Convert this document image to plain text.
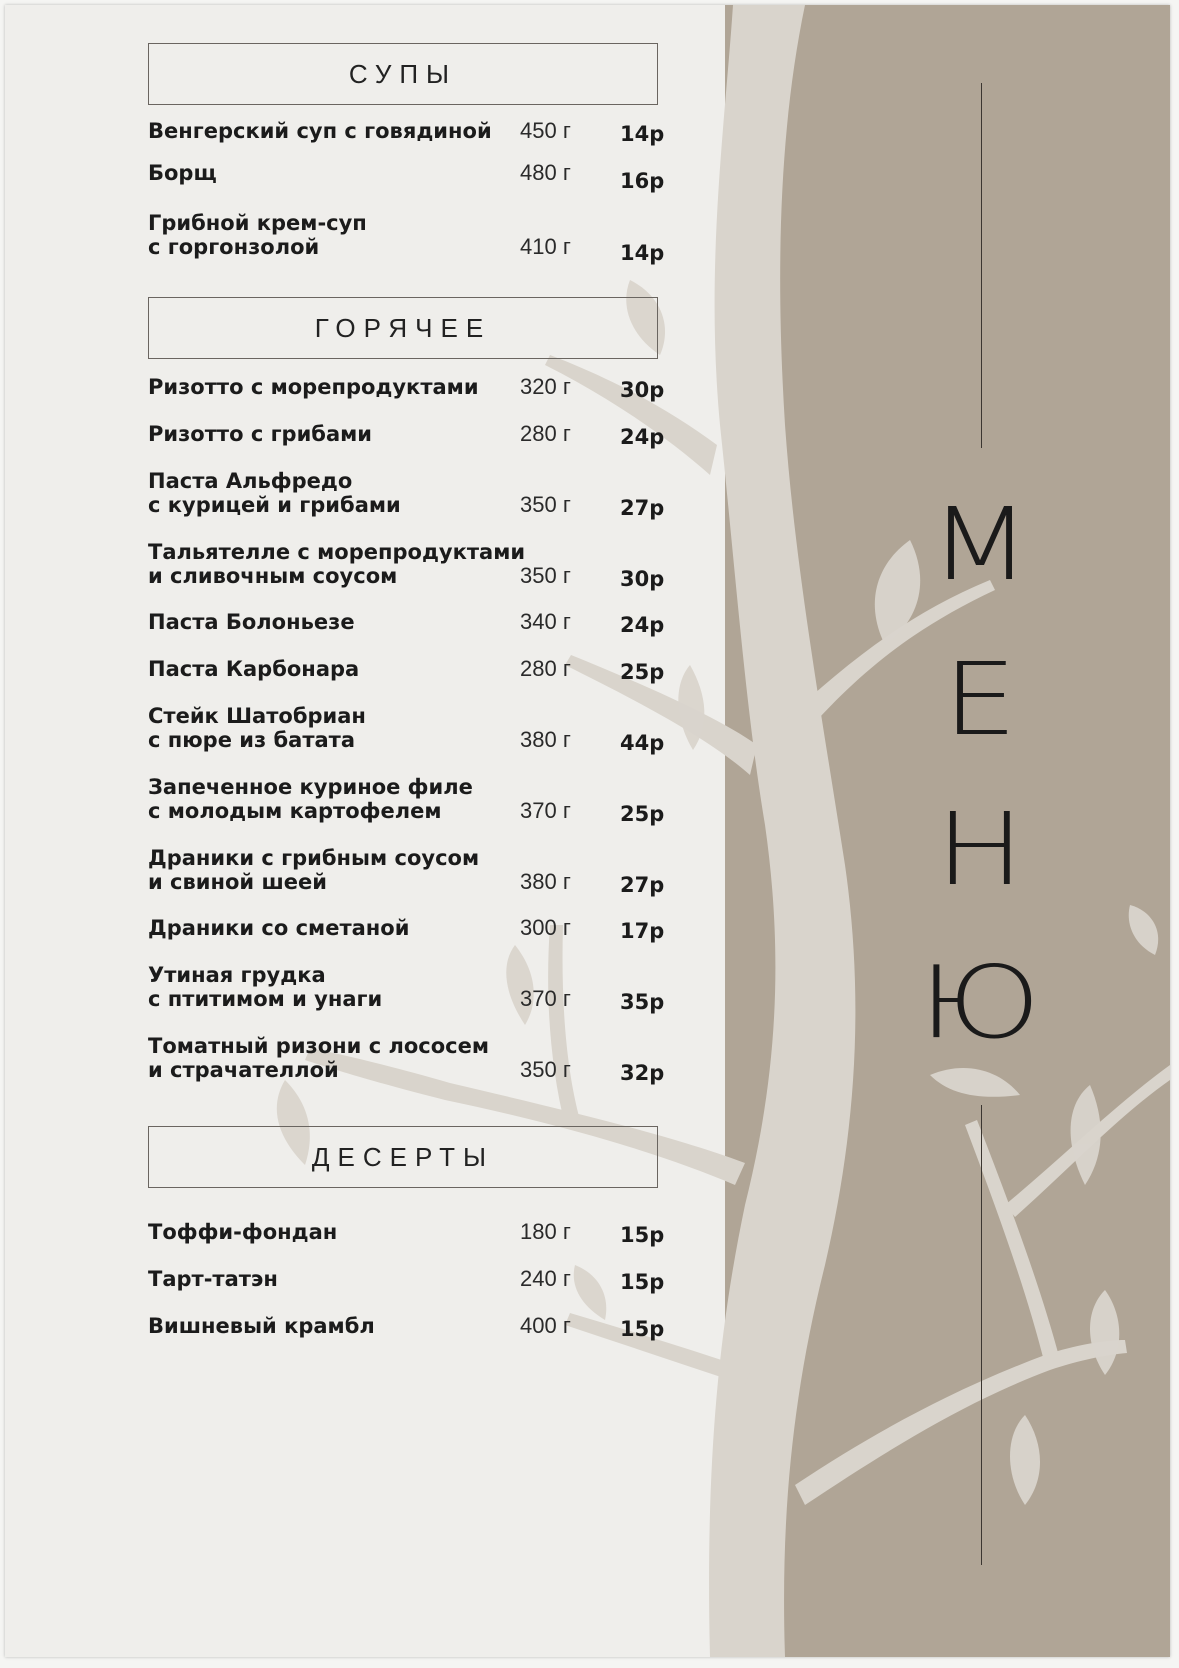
М
Е
Н
Ю
СУПЫ
ГОРЯЧЕЕ
ДЕСЕРТЫ
Венгерский суп с говядиной	450 г 14р
Борщ	480 г 16р
Грибной крем-суп
с горгонзолой	410 г 14р
Ризотто с морепродуктами	320 г 30р
Ризотто с грибами	280 г 24р
Паста Альфредо
с курицей и грибами	350 г 27р
Тальятелле с морепродуктами
и сливочным соусом	350 г 30р
Паста Болоньезе	340 г 24р
Паста Карбонара	280 г 25р
Стейк Шатобриан
с пюре из батата	380 г 44р
Запеченное куриное филе
с молодым картофелем	370 г 25р
Драники с грибным соусом
и свиной шеей	380 г 27р
Драники со сметаной	300 г 17р
Утиная грудка
с птитимом и унаги	370 г 35р
Томатный ризони с лососем
и страчателлой	350 г 32р
Тоффи-фондан	180 г 15р
Тарт-татэн	240 г 15р
Вишневый крамбл	400 г 15р
